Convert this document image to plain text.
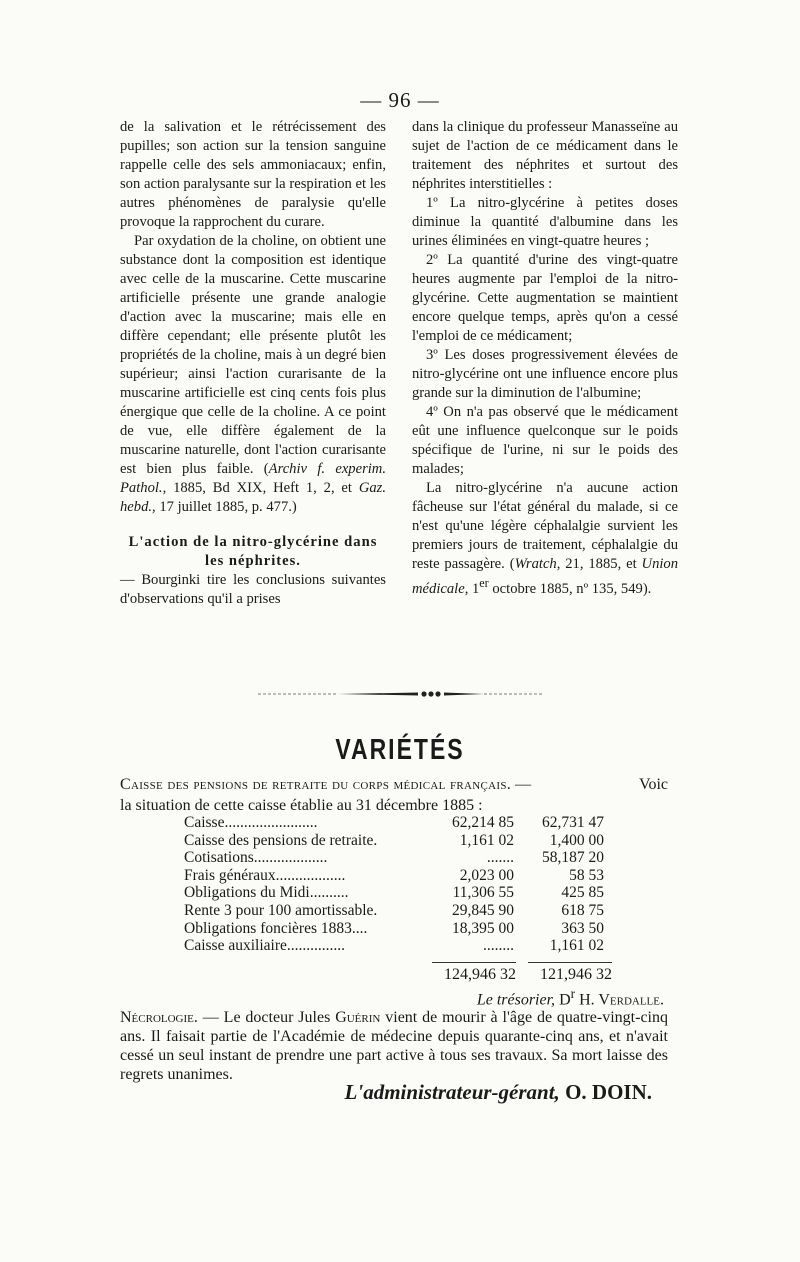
— 96 —

de la salivation et le rétrécissement des pupilles; son action sur la tension sanguine rappelle celle des sels ammoniacaux; enfin, son action paralysante sur la respiration et les autres phénomènes de paralysie qu'elle provoque la rapprochent du curare.

Par oxydation de la choline, on obtient une substance dont la composition est identique avec celle de la muscarine. Cette muscarine artificielle présente une grande analogie d'action avec la muscarine; mais elle en diffère cependant; elle présente plutôt les propriétés de la choline, mais à un degré bien supérieur; ainsi l'action curarisante de la muscarine artificielle est cinq cents fois plus énergique que celle de la choline. A ce point de vue, elle diffère également de la muscarine naturelle, dont l'action curarisante est bien plus faible. (Archiv f. experim. Pathol., 1885, Bd XIX, Heft 1, 2, et Gaz. hebd., 17 juillet 1885, p. 477.)

L'action de la nitro-glycérine dans les néphrites.

— Bourginki tire les conclusions suivantes d'observations qu'il a prises

dans la clinique du professeur Manasseïne au sujet de l'action de ce médicament dans le traitement des néphrites et surtout des néphrites interstitielles :

1º La nitro-glycérine à petites doses diminue la quantité d'albumine dans les urines éliminées en vingt-quatre heures ;

2º La quantité d'urine des vingt-quatre heures augmente par l'emploi de la nitro-glycérine. Cette augmentation se maintient encore quelque temps, après qu'on a cessé l'emploi de ce médicament;

3º Les doses progressivement élevées de nitro-glycérine ont une influence encore plus grande sur la diminution de l'albumine;

4º On n'a pas observé que le médicament eût une influence quelconque sur le poids spécifique de l'urine, ni sur le poids des malades;

La nitro-glycérine n'a aucune action fâcheuse sur l'état général du malade, si ce n'est qu'une légère céphalalgie survient les premiers jours de traitement, céphalalgie du reste passagère. (Wratch, 21, 1885, et Union médicale, 1er octobre 1885, nº 135, 549).

VARIÉTÉS
Caisse des pensions de retraite du corps médical français. —	Voic

la situation de cette caisse établie au 31 décembre 1885 :
Caisse........................	62,214 85	62,731 47
Caisse des pensions de retraite.	1,161 02	1,400 00
Cotisations...................	.......	58,187 20
Frais généraux..................	2,023 00	58 53
Obligations du Midi..........	11,306 55	425 85
Rente 3 pour 100 amortissable.	29,845 90	618 75
Obligations foncières 1883....	18,395 00	363 50
Caisse auxiliaire...............	........	1,161 02
124,946 32	121,946 32
Le trésorier, $D^r$ H. Verdalle.
Nécrologie. — Le docteur Jules Guérin vient de mourir à l'âge de quatre-vingt-cinq ans. Il faisait partie de l'Académie de médecine depuis quarante-cinq ans, et n'avait cessé un seul instant de prendre une part active à tous ses travaux. Sa mort laisse des regrets unanimes.
L'administrateur-gérant, O. DOIN.
